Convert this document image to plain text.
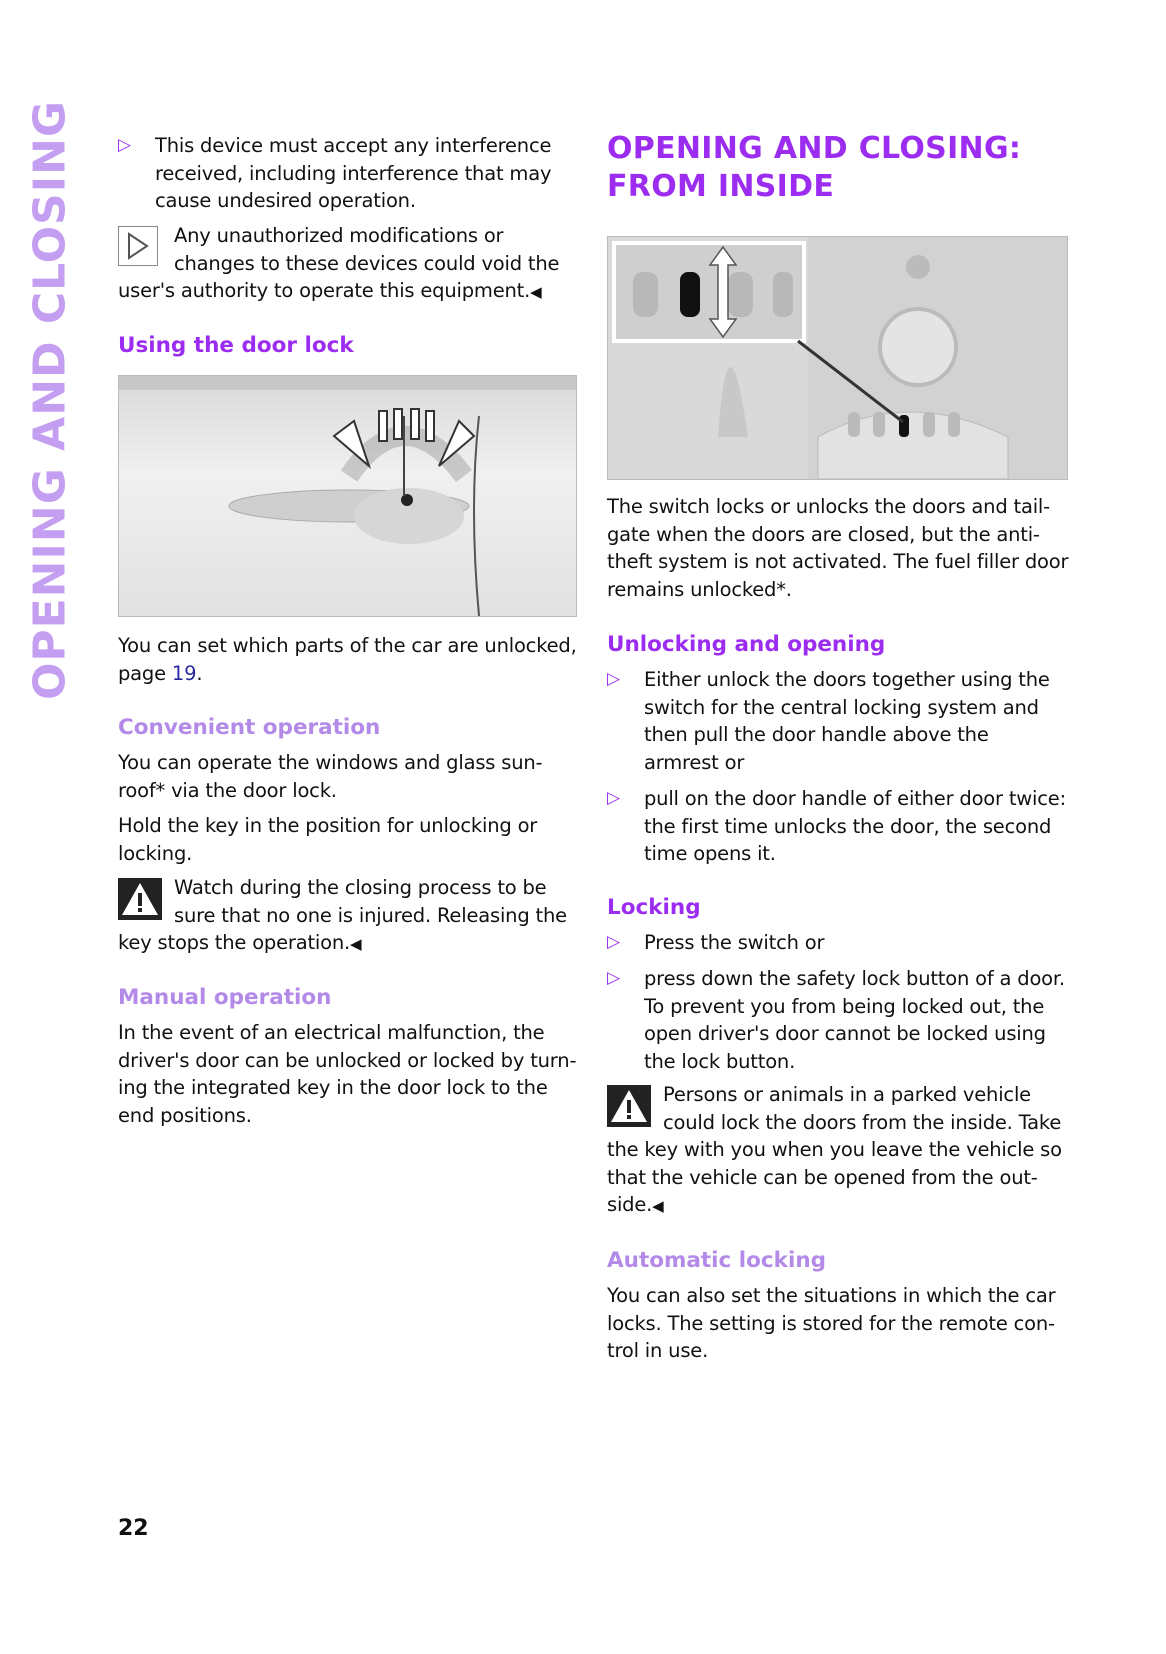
OPENING AND CLOSING	▷	This device must accept any interference received, including interference that may cause undesired operation.
Any unauthorized modifications or changes to these devices could void the user's authority to operate this equipment.◀
Using the door lock
You can set which parts of the car are unlocked, page 19.
Convenient operation
You can operate the windows and glass sun-roof* via the door lock.
Hold the key in the position for unlocking or locking.
Watch during the closing process to be sure that no one is injured. Releasing the key stops the operation.◀
Manual operation
In the event of an electrical malfunction, the driver's door can be unlocked or locked by turn-ing the integrated key in the door lock to the end positions.
OPENING AND CLOSING:
FROM INSIDE
The switch locks or unlocks the doors and tail-gate when the doors are closed, but the anti-theft system is not activated. The fuel filler door remains unlocked*.
Unlocking and opening
▷	Either unlock the doors together using the switch for the central locking system and then pull the door handle above the armrest or
▷	pull on the door handle of either door twice: the first time unlocks the door, the second time opens it.
Locking
▷	Press the switch or
▷	press down the safety lock button of a door. To prevent you from being locked out, the open driver's door cannot be locked using the lock button.
Persons or animals in a parked vehicle could lock the doors from the inside. Take the key with you when you leave the vehicle so that the vehicle can be opened from the out-side.◀
Automatic locking
You can also set the situations in which the car locks. The setting is stored for the remote con-trol in use.
22
